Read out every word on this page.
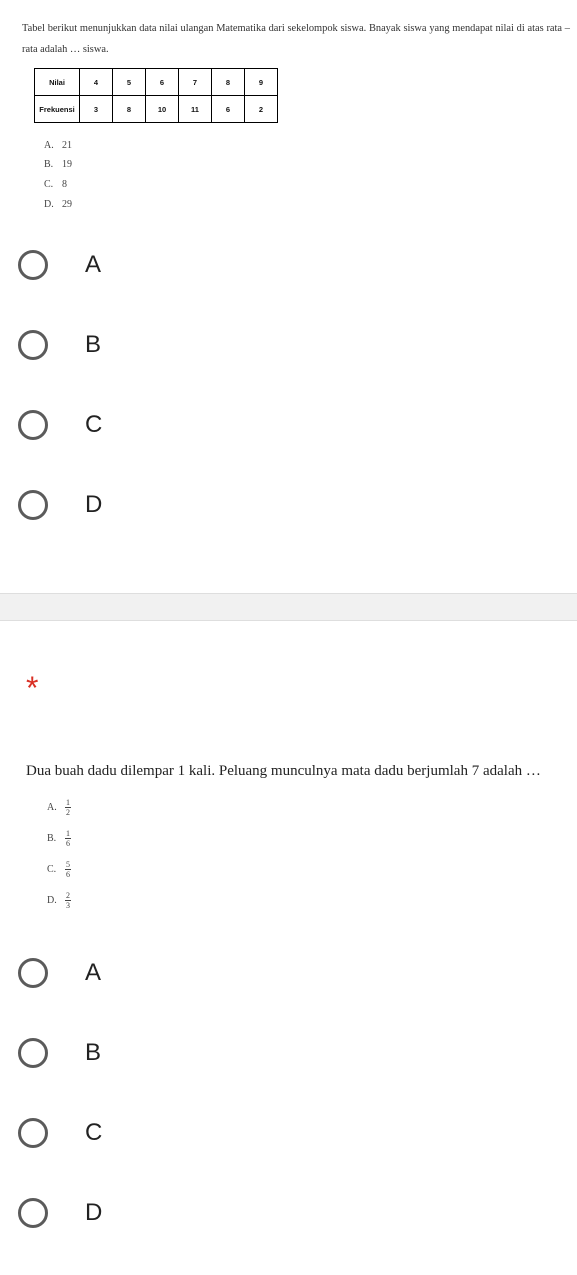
Tabel berikut menunjukkan data nilai ulangan Matematika dari sekelompok siswa. Bnayak siswa yang mendapat nilai di atas rata – rata adalah … siswa.
Nilai	4	5	6	7	8	9
Frekuensi	3	8	10	11	6	2
A. 21
B. 19
C. 8
D. 29
A
B
C
D
*
Dua buah dadu dilempar 1 kali. Peluang munculnya mata dadu berjumlah 7 adalah …
A. $\frac{1}{2}$
B. $\frac{1}{6}$
C. $\frac{5}{6}$
D. $\frac{2}{3}$
A
B
C
D
